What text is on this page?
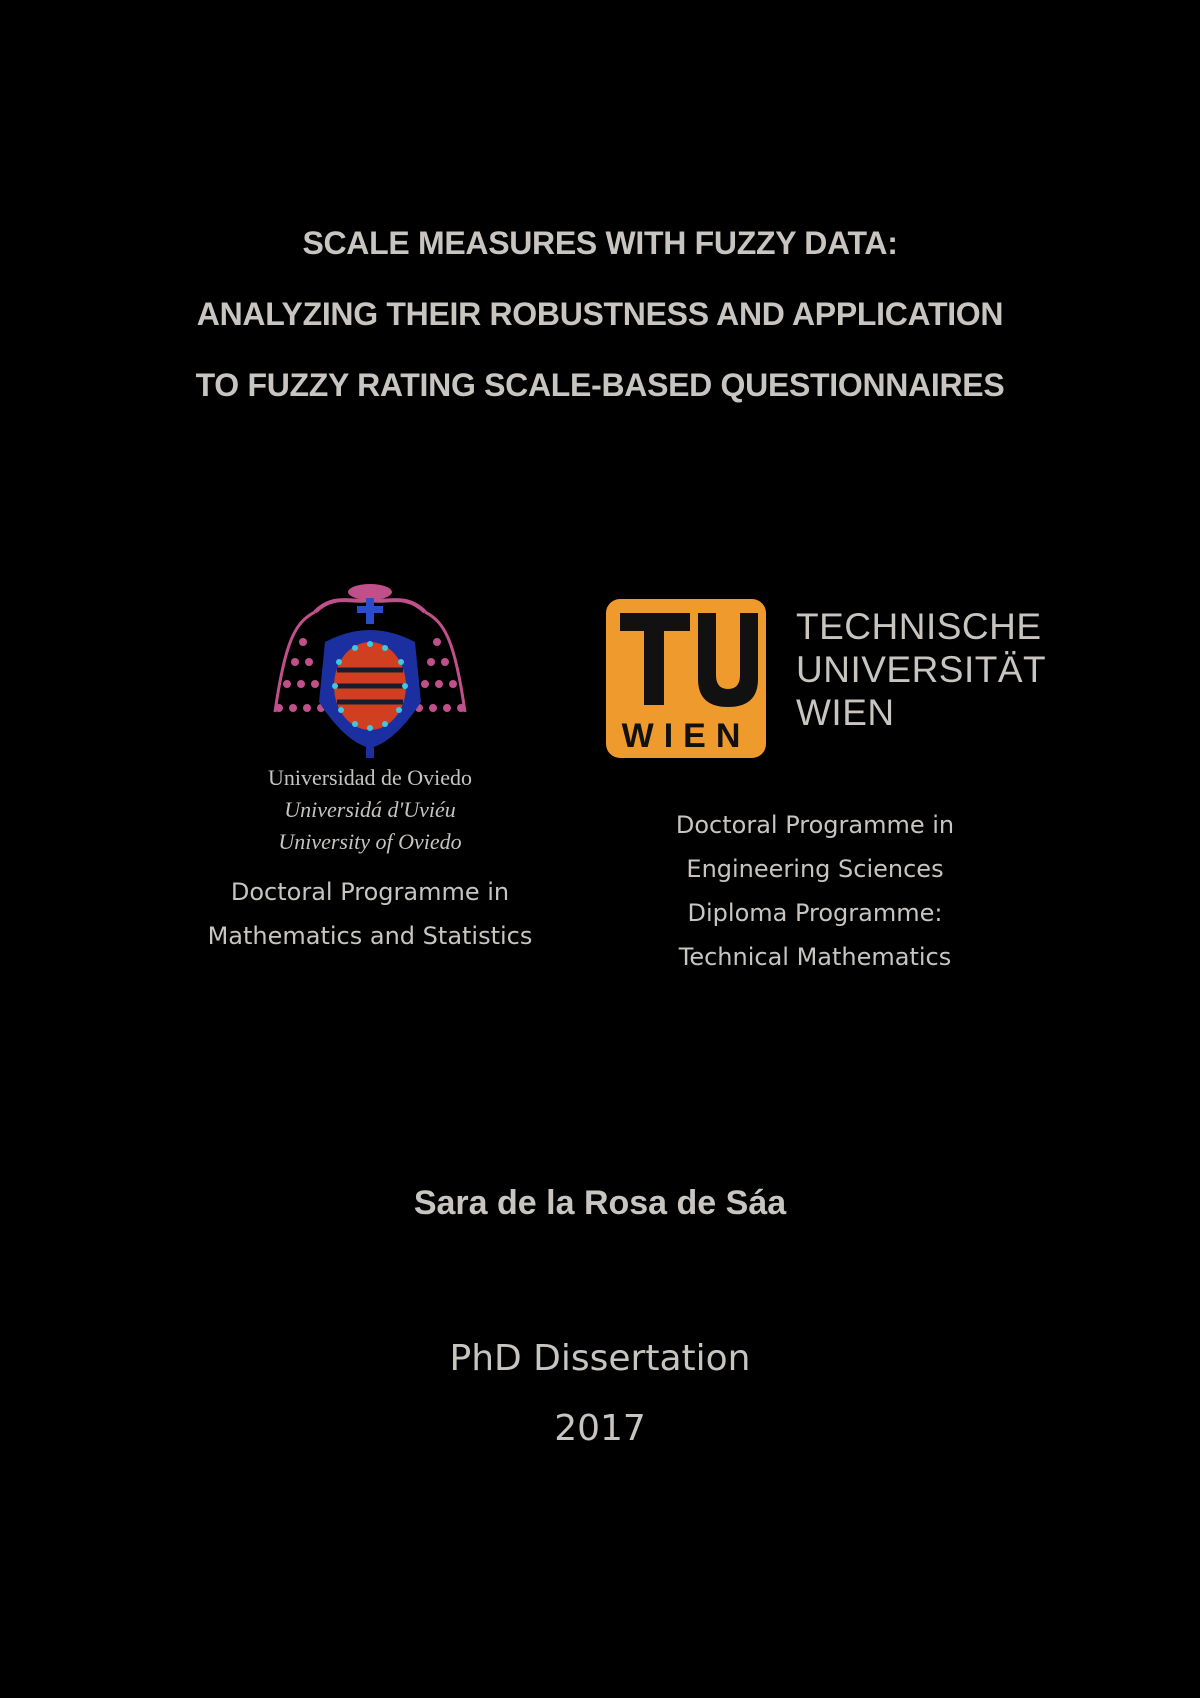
SCALE MEASURES WITH FUZZY DATA:
ANALYZING THEIR ROBUSTNESS AND APPLICATION
TO FUZZY RATING SCALE-BASED QUESTIONNAIRES
Universidad de Oviedo
Universidá d'Uviéu
University of Oviedo
Doctoral Programme in
Mathematics and Statistics
WIEN
TECHNISCHE
UNIVERSITÄT
WIEN
Doctoral Programme in
Engineering Sciences
Diploma Programme:
Technical Mathematics
Sara de la Rosa de Sáa
PhD Dissertation
2017
